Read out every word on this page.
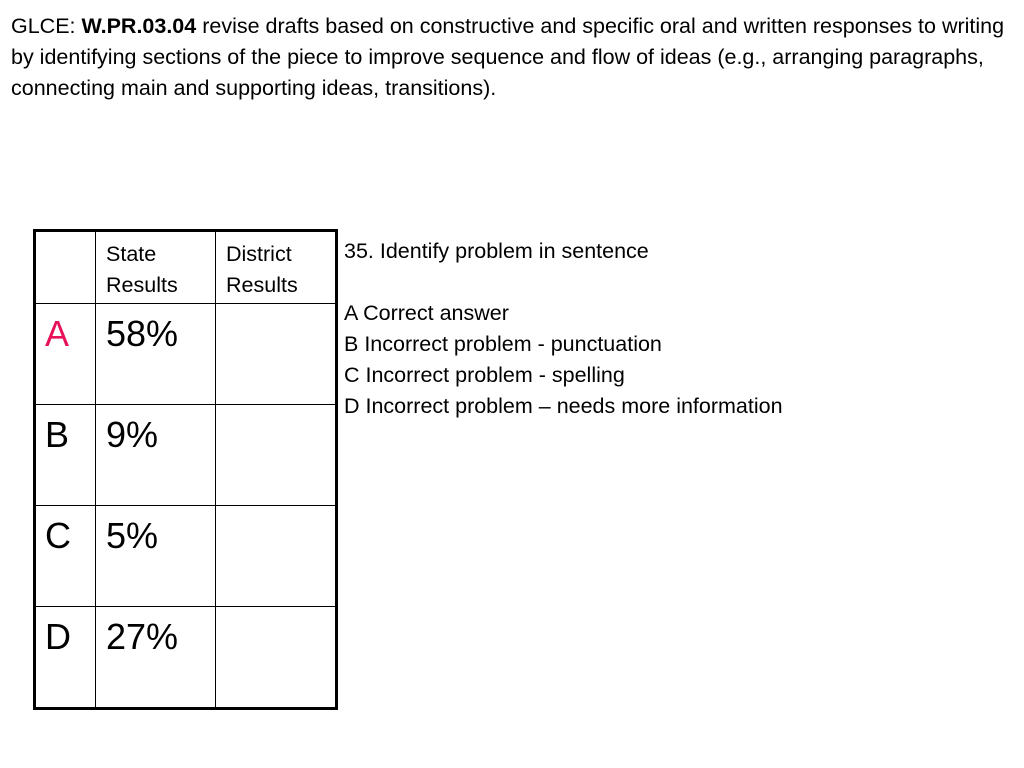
GLCE: W.PR.03.04 revise drafts based on constructive and specific oral and written responses to writing by identifying sections of the piece to improve sequence and flow of ideas (e.g., arranging paragraphs, connecting main and supporting ideas, transitions).

	State Results	District Results

A	58%	

B	9%	

C	5%	

D	27%	

35. Identify problem in sentence
A Correct answer
B Incorrect problem - punctuation
C Incorrect problem - spelling
D Incorrect problem – needs more information
